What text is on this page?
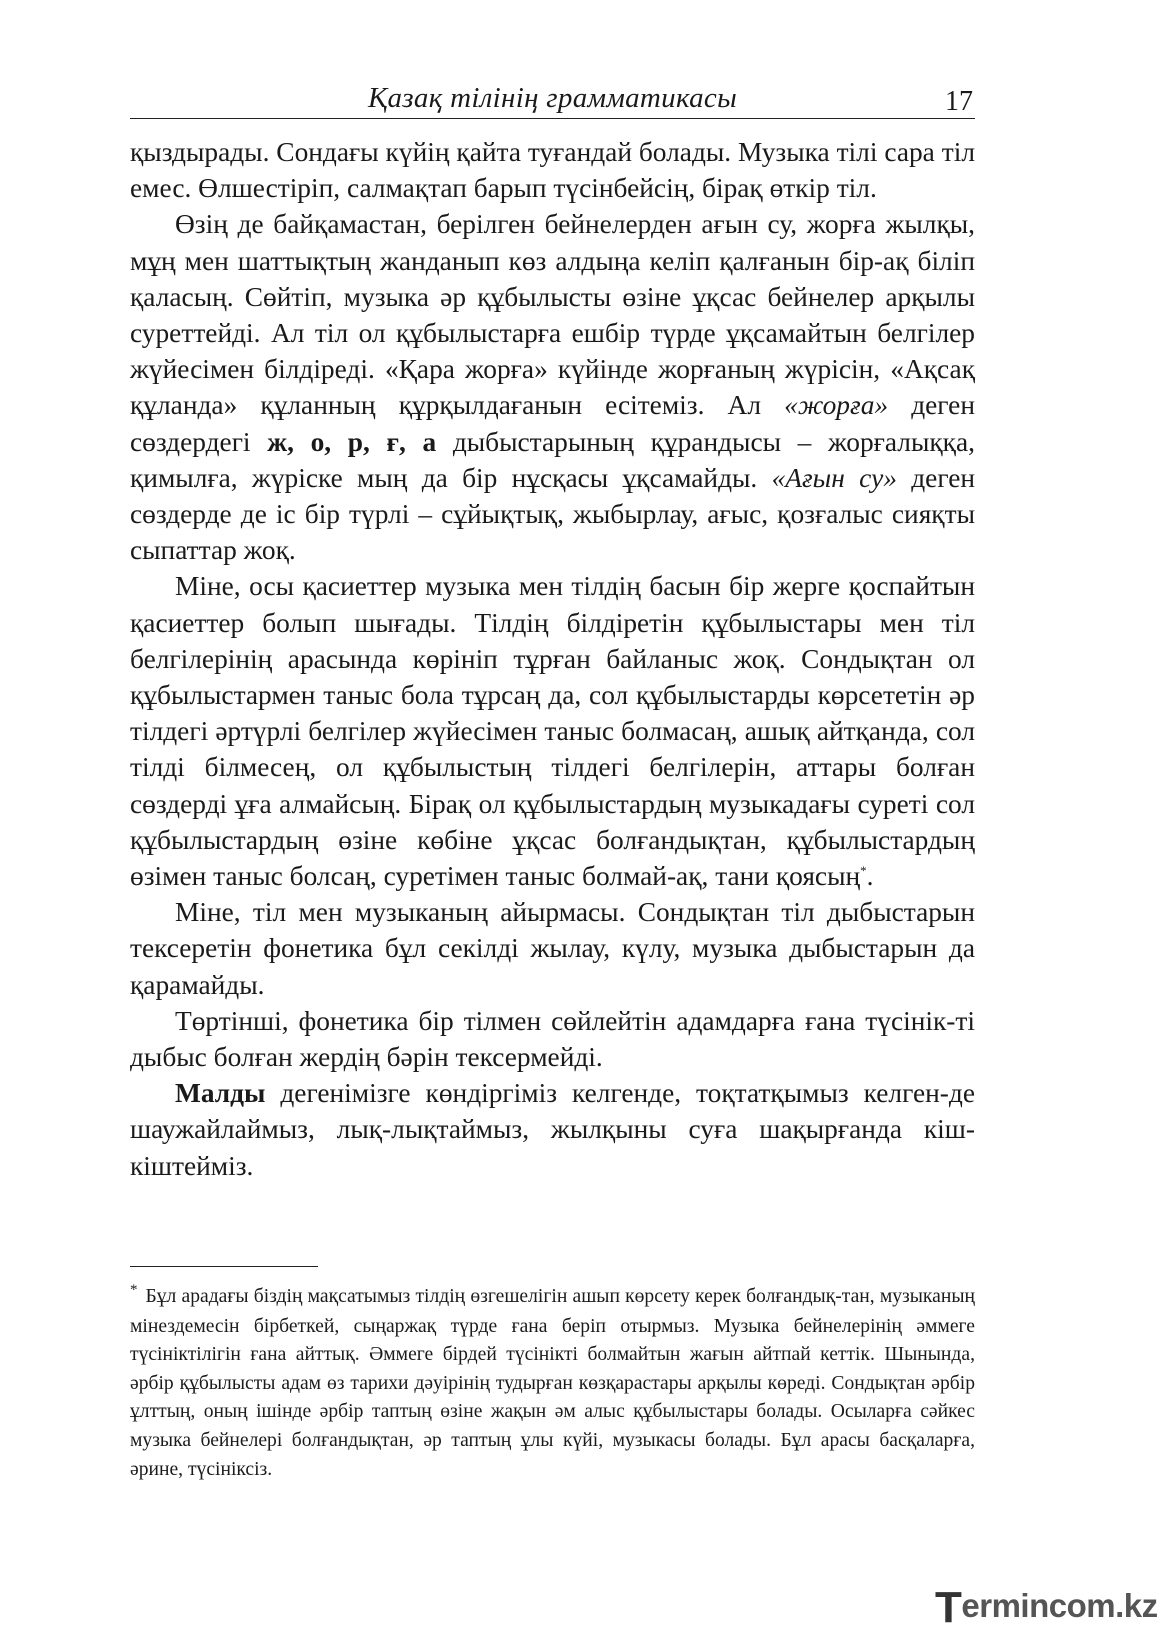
Қазақ тілінің грамматикасы	17

қыздырады. Сондағы күйің қайта туғандай болады. Музыка тілі сара тіл емес. Өлшестіріп, салмақтап барып түсінбейсің, бірақ өткір тіл.

Өзің де байқамастан, берілген бейнелерден ағын су, жорға жылқы, мұң мен шаттықтың жанданып көз алдыңа келіп қалғанын бір-ақ біліп қаласың. Сөйтіп, музыка әр құбылысты өзіне ұқсас бейнелер арқылы суреттейді. Ал тіл ол құбылыстарға ешбір түрде ұқсамайтын белгілер жүйесімен білдіреді. «Қара жорға» күйінде жорғаның жүрісін, «Ақсақ құланда» құланның құрқылдағанын есітеміз. Ал «жорға» деген сөздердегі ж, о, р, ғ, а дыбыстарының құрандысы – жорғалыққа, қимылға, жүріске мың да бір нұсқасы ұқсамайды. «Ағын су» деген сөздерде де іс бір түрлі – сұйықтық, жыбырлау, ағыс, қозғалыс сияқты сыпаттар жоқ.

Міне, осы қасиеттер музыка мен тілдің басын бір жерге қоспайтын қасиеттер болып шығады. Тілдің білдіретін құбылыстары мен тіл белгілерінің арасында көрініп тұрған байланыс жоқ. Сондықтан ол құбылыстармен таныс бола тұрсаң да, сол құбылыстарды көрсететін әр тілдегі әртүрлі белгілер жүйесімен таныс болмасаң, ашық айтқанда, сол тілді білмесең, ол құбылыстың тілдегі белгілерін, аттары болған сөздерді ұға алмайсың. Бірақ ол құбылыстардың музыкадағы суреті сол құбылыстардың өзіне көбіне ұқсас болғандықтан, құбылыстардың өзімен таныс болсаң, суретімен таныс болмай-ақ, тани қоясың*.

Міне, тіл мен музыканың айырмасы. Сондықтан тіл дыбыстарын тексеретін фонетика бұл секілді жылау, күлу, музыка дыбыстарын да қарамайды.

Төртінші, фонетика бір тілмен сөйлейтін адамдарға ғана түсінік-ті дыбыс болған жердің бәрін тексермейді.

Малды дегенімізге көндіргіміз келгенде, тоқтатқымыз келген-де шаужайлаймыз, лық-лықтаймыз, жылқыны суға шақырғанда кіш-кіштейміз.

* Бұл арадағы біздің мақсатымыз тілдің өзгешелігін ашып көрсету керек болғандық-тан, музыканың мінездемесін бірбеткей, сыңаржақ түрде ғана беріп отырмыз. Музыка бейнелерінің әммеге түсініктілігін ғана айттық. Әммеге бірдей түсінікті болмайтын жағын айтпай кеттік. Шынында, әрбір құбылысты адам өз тарихи дәуірінің тудырған көзқарастары арқылы көреді. Сондықтан әрбір ұлттың, оның ішінде әрбір таптың өзіне жақын әм алыс құбылыстары болады. Осыларға сәйкес музыка бейнелері болғандықтан, әр таптың ұлы күйі, музыкасы болады. Бұл арасы басқаларға, әрине, түсініксіз.

Termincom.kz
